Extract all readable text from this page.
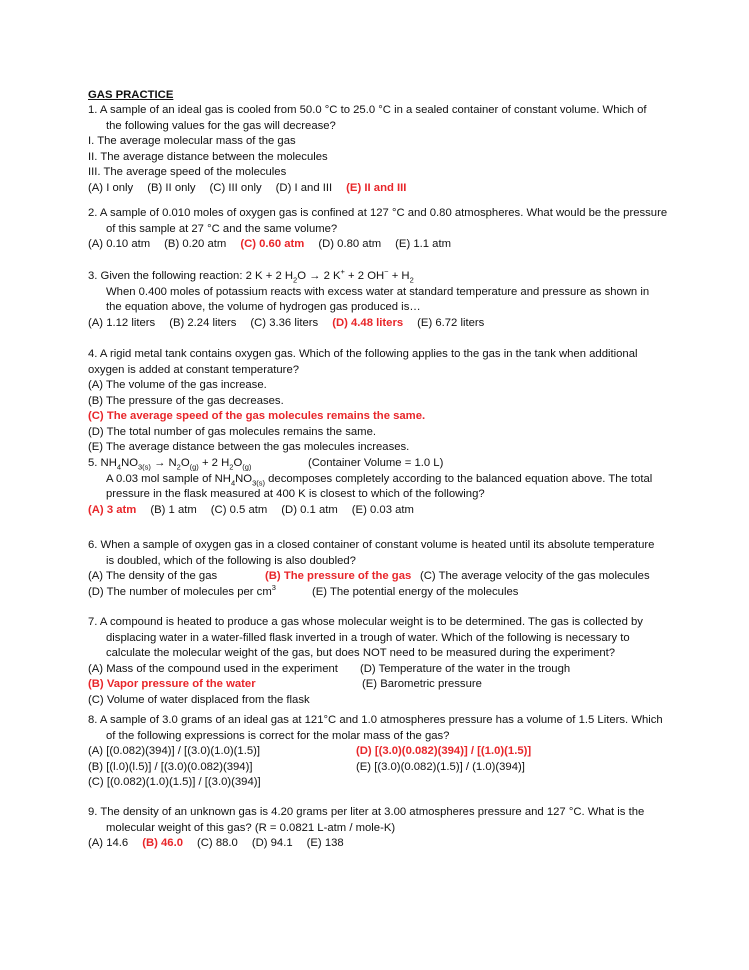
GAS PRACTICE
1. A sample of an ideal gas is cooled from 50.0 °C to 25.0 °C in a sealed container of constant volume. Which of
the following values for the gas will decrease?
I. The average molecular mass of the gas
II. The average distance between the molecules
III. The average speed of the molecules
(A) I only (B) II only (C) III only (D) I and III (E) II and III
2. A sample of 0.010 moles of oxygen gas is confined at 127 °C and 0.80 atmospheres. What would be the pressure
of this sample at 27 °C and the same volume?
(A) 0.10 atm (B) 0.20 atm (C) 0.60 atm (D) 0.80 atm (E) 1.1 atm
3. Given the following reaction: 2 K + 2 $H_2O \to 2$ K+ + 2 $OH^- + H_2$
When 0.400 moles of potassium reacts with excess water at standard temperature and pressure as shown in
the equation above, the volume of hydrogen gas produced is…
(A) 1.12 liters (B) 2.24 liters (C) 3.36 liters (D) 4.48 liters (E) 6.72 liters
4. A rigid metal tank contains oxygen gas. Which of the following applies to the gas in the tank when additional
oxygen is added at constant temperature?
(A) The volume of the gas increase.
(B) The pressure of the gas decreases.
(C) The average speed of the gas molecules remains the same.
(D) The total number of gas molecules remains the same.
(E) The average distance between the gas molecules increases.
5. $NH_4NO_{3(s)} \to N_2O_{(g)} + 2$ $H_2O_{(g)}$	(Container Volume = 1.0 L)
A 0.03 mol sample of $NH_4NO_{3(s)}$ decomposes completely according to the balanced equation above. The total
pressure in the flask measured at 400 K is closest to which of the following?
(A) 3 atm (B) 1 atm (C) 0.5 atm (D) 0.1 atm (E) 0.03 atm
6. When a sample of oxygen gas in a closed container of constant volume is heated until its absolute temperature
is doubled, which of the following is also doubled?
(A) The density of the gas	(B) The pressure of the gas (C) The average velocity of the gas molecules
(D) The number of molecules per $cm^3$	(E) The potential energy of the molecules
7. A compound is heated to produce a gas whose molecular weight is to be determined. The gas is collected by
displacing water in a water-filled flask inverted in a trough of water. Which of the following is necessary to
calculate the molecular weight of the gas, but does NOT need to be measured during the experiment?
(A) Mass of the compound used in the experiment (D) Temperature of the water in the trough
(B) Vapor pressure of the water	(E) Barometric pressure
(C) Volume of water displaced from the flask
8. A sample of 3.0 grams of an ideal gas at 121°C and 1.0 atmospheres pressure has a volume of 1.5 Liters. Which
of the following expressions is correct for the molar mass of the gas?
(A) [(0.082)(394)] / [(3.0)(1.0)(1.5)]	(D) [(3.0)(0.082)(394)] / [(1.0)(1.5)]
(B) [(l.0)(l.5)] / [(3.0)(0.082)(394)]	(E) [(3.0)(0.082)(1.5)] / (1.0)(394)]
(C) [(0.082)(1.0)(1.5)] / [(3.0)(394)]
9. The density of an unknown gas is 4.20 grams per liter at 3.00 atmospheres pressure and 127 °C. What is the
molecular weight of this gas? (R = 0.0821 L-atm / mole-K)
(A) 14.6 (B) 46.0 (C) 88.0 (D) 94.1 (E) 138
